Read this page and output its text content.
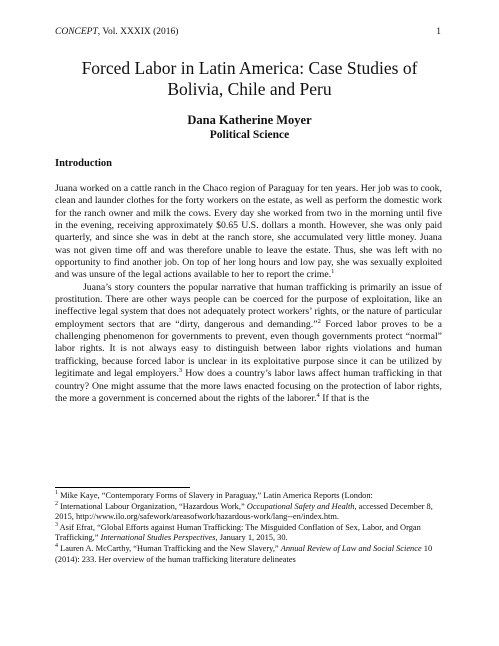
CONCEPT, Vol. XXXIX (2016)	1
Forced Labor in Latin America: Case Studies of
Bolivia, Chile and Peru
Dana Katherine Moyer
Political Science
Introduction

Juana worked on a cattle ranch in the Chaco region of Paraguay for ten years. Her job was to cook, clean and launder clothes for the forty workers on the estate, as well as perform the domestic work for the ranch owner and milk the cows. Every day she worked from two in the morning until five in the evening, receiving approximately $0.65 U.S. dollars a month. However, she was only paid quarterly, and since she was in debt at the ranch store, she accumulated very little money. Juana was not given time off and was therefore unable to leave the estate. Thus, she was left with no opportunity to find another job. On top of her long hours and low pay, she was sexually exploited and was unsure of the legal actions available to her to report the crime.$^1$

Juana’s story counters the popular narrative that human trafficking is primarily an issue of prostitution. There are other ways people can be coerced for the purpose of exploitation, like an ineffective legal system that does not adequately protect workers’ rights, or the nature of particular employment sectors that are “dirty, dangerous and demanding.”$^2$ Forced labor proves to be a challenging phenomenon for governments to prevent, even though governments protect “normal” labor rights. It is not always easy to distinguish between labor rights violations and human trafficking, because forced labor is unclear in its exploitative purpose since it can be utilized by legitimate and legal employers.$^3$ How does a country’s labor laws affect human trafficking in that country? One might assume that the more laws enacted focusing on the protection of labor rights, the more a government is concerned about the rights of the laborer.$^4$ If that is the

$^1$ Mike Kaye, “Contemporary Forms of Slavery in Paraguay,” Latin America Reports (London:

$^2$ International Labour Organization, “Hazardous Work,” Occupational Safety and Health, accessed December 8, 2015, http://www.ilo.org/safework/areasofwork/hazardous-work/lang--en/index.htm.

$^3$ Asif Efrat, “Global Efforts against Human Trafficking: The Misguided Conflation of Sex, Labor, and Organ Trafficking,” International Studies Perspectives, January 1, 2015, 30.

$^4$ Lauren A. McCarthy, “Human Trafficking and the New Slavery,” Annual Review of Law and Social Science 10 (2014): 233. Her overview of the human trafficking literature delineates
